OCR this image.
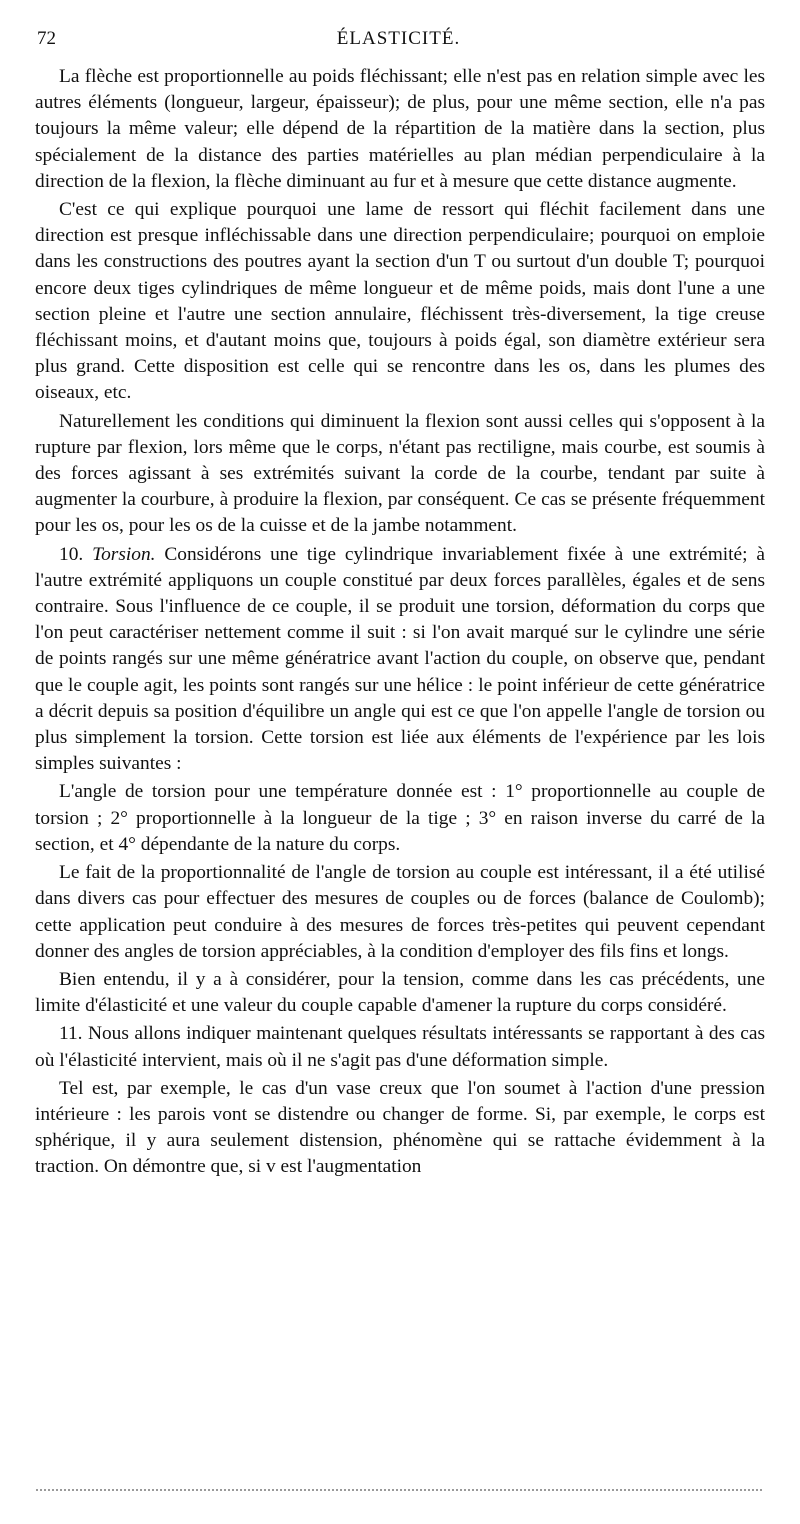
72	ÉLASTICITÉ.

La flèche est proportionnelle au poids fléchissant; elle n'est pas en relation simple avec les autres éléments (longueur, largeur, épaisseur); de plus, pour une même section, elle n'a pas toujours la même valeur; elle dépend de la répartition de la matière dans la section, plus spécialement de la distance des parties matérielles au plan médian perpendiculaire à la direction de la flexion, la flèche diminuant au fur et à mesure que cette distance augmente.

C'est ce qui explique pourquoi une lame de ressort qui fléchit facilement dans une direction est presque infléchissable dans une direction perpendiculaire; pourquoi on emploie dans les constructions des poutres ayant la section d'un T ou surtout d'un double T; pourquoi encore deux tiges cylindriques de même longueur et de même poids, mais dont l'une a une section pleine et l'autre une section annulaire, fléchissent très-diversement, la tige creuse fléchissant moins, et d'autant moins que, toujours à poids égal, son diamètre extérieur sera plus grand. Cette disposition est celle qui se rencontre dans les os, dans les plumes des oiseaux, etc.

Naturellement les conditions qui diminuent la flexion sont aussi celles qui s'opposent à la rupture par flexion, lors même que le corps, n'étant pas rectiligne, mais courbe, est soumis à des forces agissant à ses extrémités suivant la corde de la courbe, tendant par suite à augmenter la courbure, à produire la flexion, par conséquent. Ce cas se présente fréquemment pour les os, pour les os de la cuisse et de la jambe notamment.

10. Torsion. Considérons une tige cylindrique invariablement fixée à une extrémité; à l'autre extrémité appliquons un couple constitué par deux forces parallèles, égales et de sens contraire. Sous l'influence de ce couple, il se produit une torsion, déformation du corps que l'on peut caractériser nettement comme il suit : si l'on avait marqué sur le cylindre une série de points rangés sur une même génératrice avant l'action du couple, on observe que, pendant que le couple agit, les points sont rangés sur une hélice : le point inférieur de cette génératrice a décrit depuis sa position d'équilibre un angle qui est ce que l'on appelle l'angle de torsion ou plus simplement la torsion. Cette torsion est liée aux éléments de l'expérience par les lois simples suivantes :

L'angle de torsion pour une température donnée est : 1° proportionnelle au couple de torsion ; 2° proportionnelle à la longueur de la tige ; 3° en raison inverse du carré de la section, et 4° dépendante de la nature du corps.

Le fait de la proportionnalité de l'angle de torsion au couple est intéressant, il a été utilisé dans divers cas pour effectuer des mesures de couples ou de forces (balance de Coulomb); cette application peut conduire à des mesures de forces très-petites qui peuvent cependant donner des angles de torsion appréciables, à la condition d'employer des fils fins et longs.

Bien entendu, il y a à considérer, pour la tension, comme dans les cas précédents, une limite d'élasticité et une valeur du couple capable d'amener la rupture du corps considéré.

11. Nous allons indiquer maintenant quelques résultats intéressants se rapportant à des cas où l'élasticité intervient, mais où il ne s'agit pas d'une déformation simple.

Tel est, par exemple, le cas d'un vase creux que l'on soumet à l'action d'une pression intérieure : les parois vont se distendre ou changer de forme. Si, par exemple, le corps est sphérique, il y aura seulement distension, phénomène qui se rattache évidemment à la traction. On démontre que, si v est l'augmentation
